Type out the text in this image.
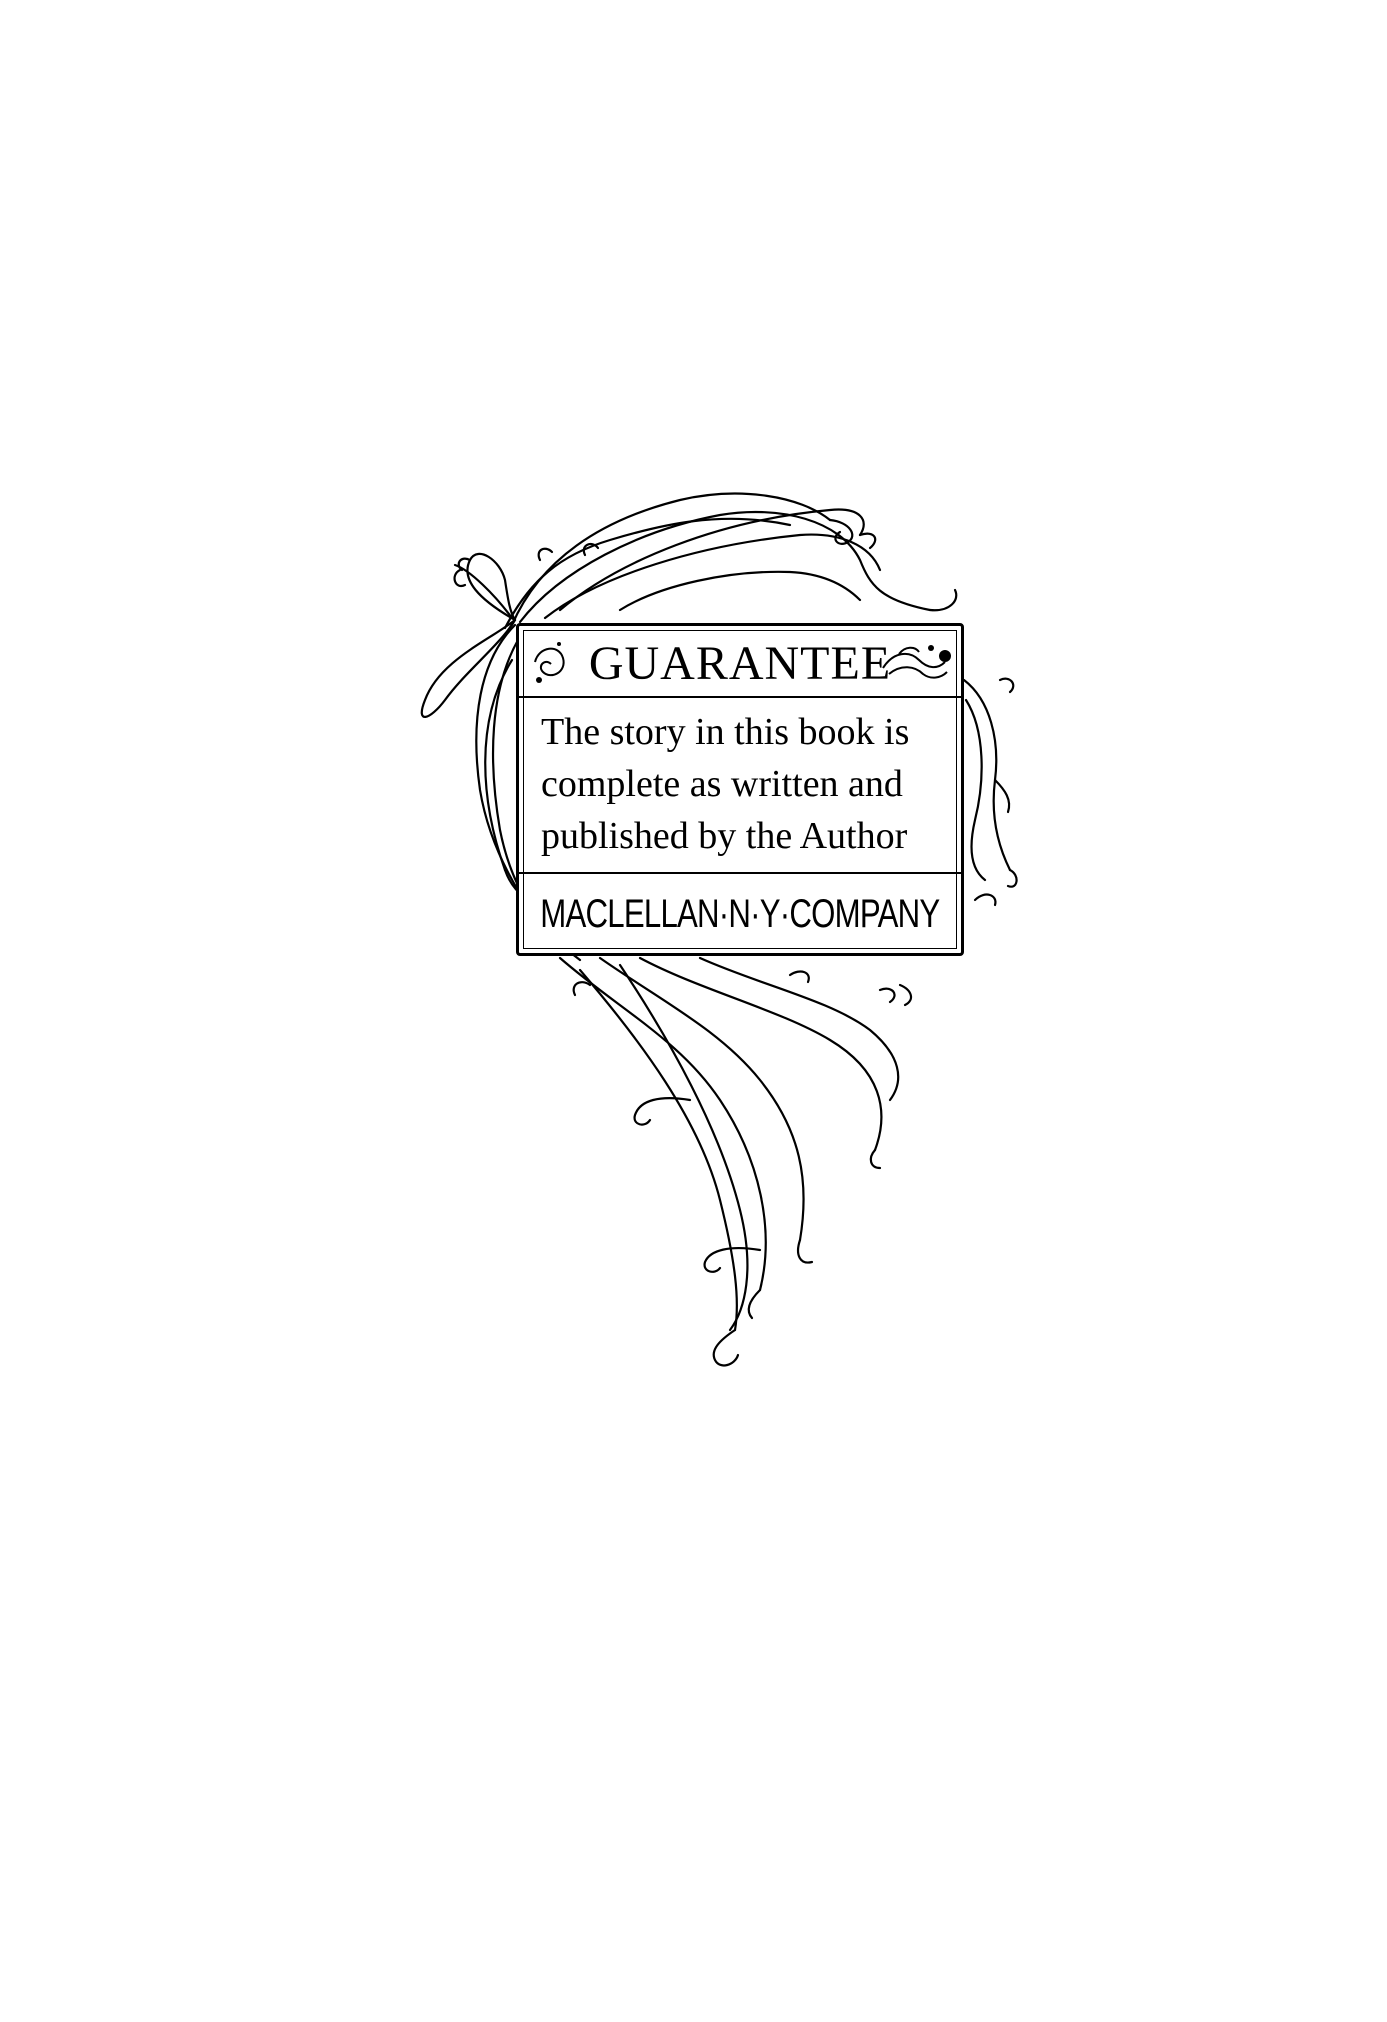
GUARANTEE
The story in this book is
complete as written and
published by the Author
MACLELLAN·N·Y·COMPANY
